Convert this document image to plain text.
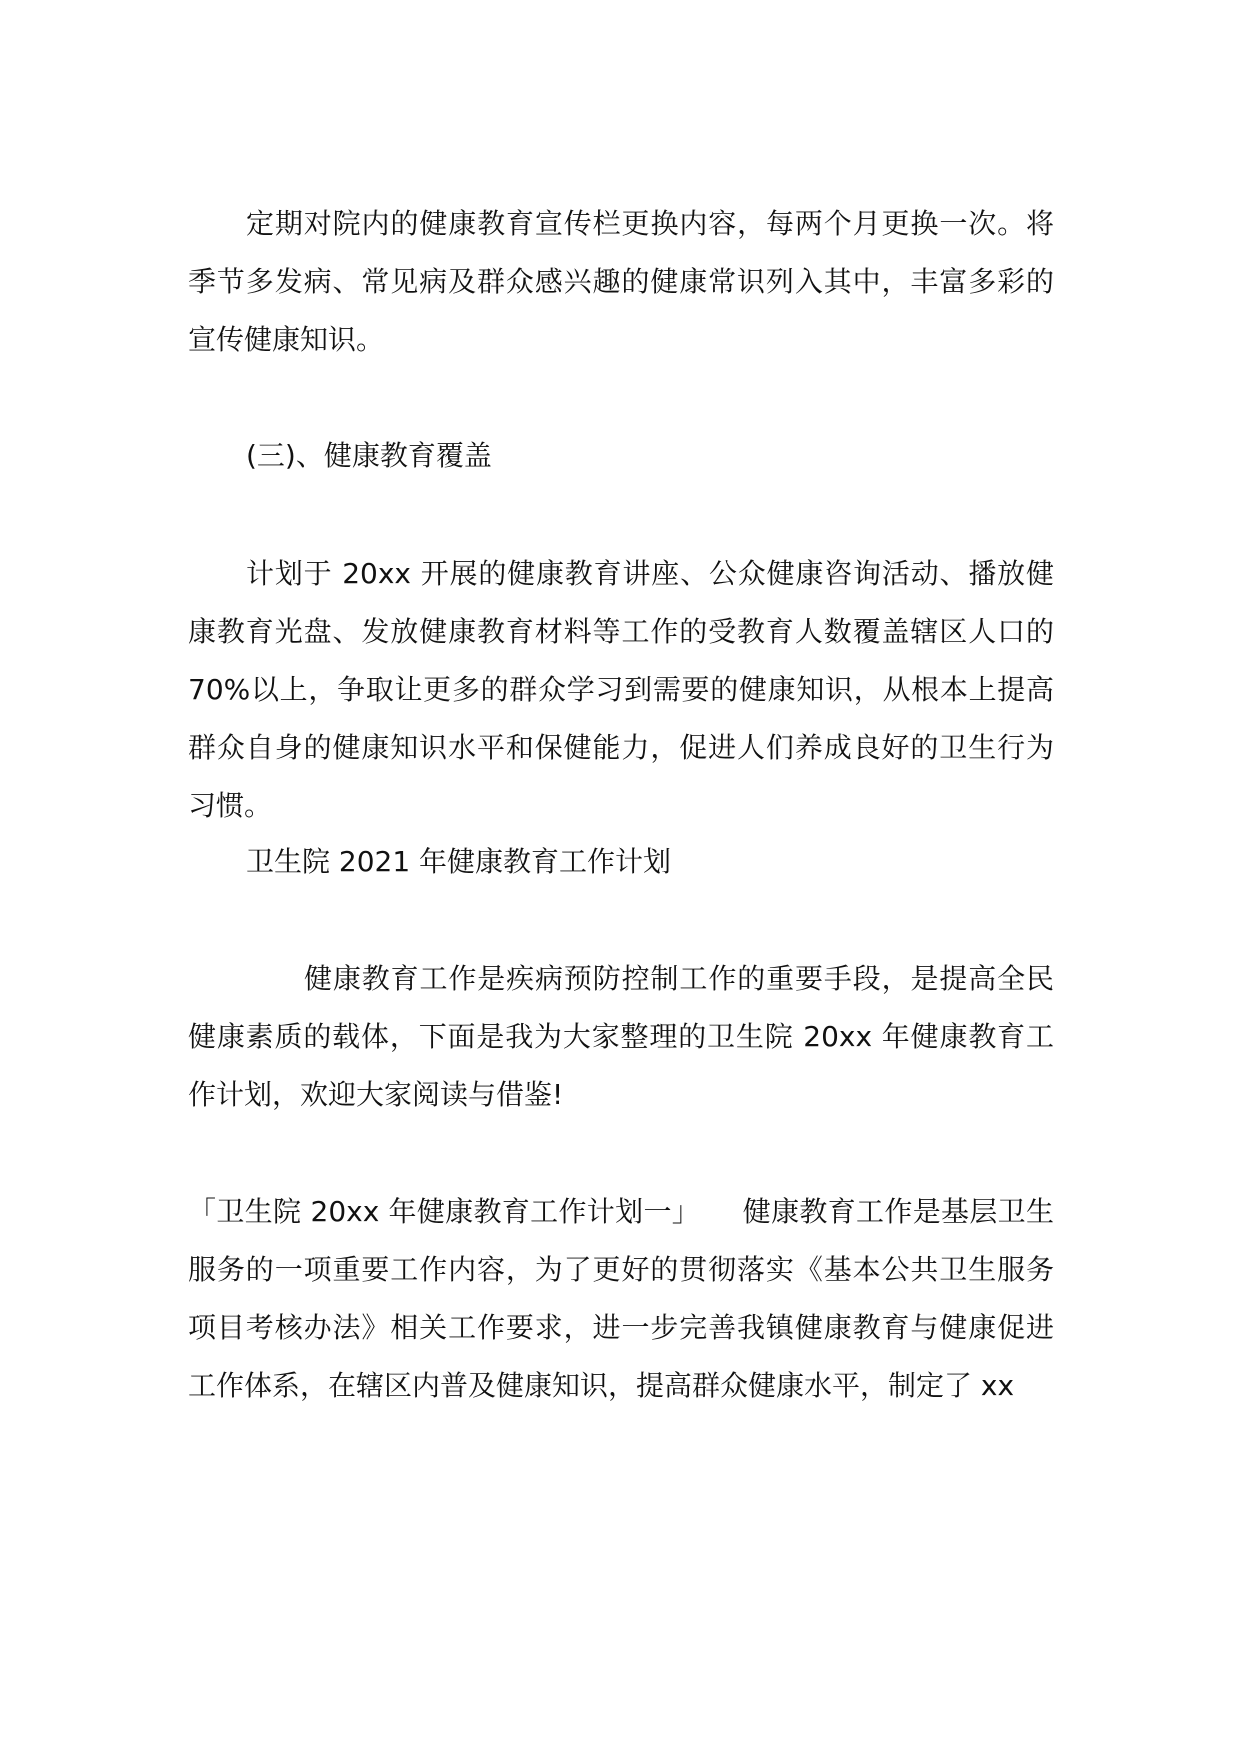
定期对院内的健康教育宣传栏更换内容，每两个月更换一次。将季节多发病、常见病及群众感兴趣的健康常识列入其中，丰富多彩的宣传健康知识。

(三)、健康教育覆盖

计划于 20xx 开展的健康教育讲座、公众健康咨询活动、播放健康教育光盘、发放健康教育材料等工作的受教育人数覆盖辖区人口的 70%以上，争取让更多的群众学习到需要的健康知识，从根本上提高群众自身的健康知识水平和保健能力，促进人们养成良好的卫生行为习惯。

卫生院 2021 年健康教育工作计划

健康教育工作是疾病预防控制工作的重要手段，是提高全民健康素质的载体，下面是我为大家整理的卫生院 20xx 年健康教育工作计划，欢迎大家阅读与借鉴!

「卫生院 20xx 年健康教育工作计划一」　　健康教育工作是基层卫生服务的一项重要工作内容，为了更好的贯彻落实《基本公共卫生服务项目考核办法》相关工作要求，进一步完善我镇健康教育与健康促进工作体系，在辖区内普及健康知识，提高群众健康水平，制定了 xx
